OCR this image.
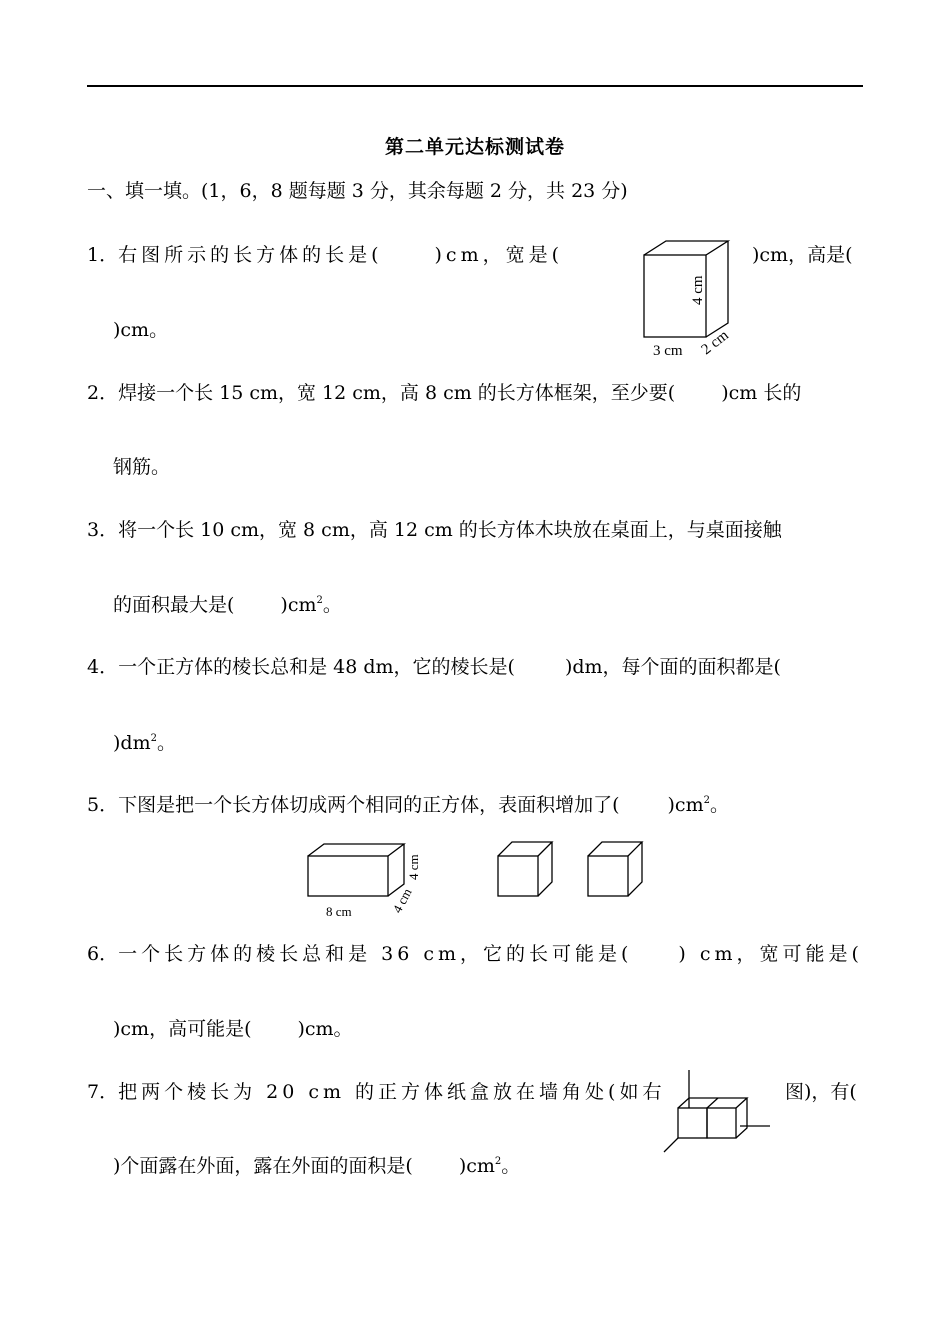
第二单元达标测试卷
一、填一填。(1，6，8 题每题 3 分，其余每题 2 分，共 23 分)
1．右图所示的长方体的长是(	)cm，宽是(	)cm，高是(
)cm。
4 cm
3 cm 2 cm
2．焊接一个长 15 cm，宽 12 cm，高 8 cm 的长方体框架，至少要( )cm 长的
钢筋。
3．将一个长 10 cm，宽 8 cm，高 12 cm 的长方体木块放在桌面上，与桌面接触
的面积最大是( )$cm^2$。
4．一个正方体的棱长总和是 48 dm，它的棱长是(	)dm，每个面的面积都是(
)$dm^2$。
5．下图是把一个长方体切成两个相同的正方体，表面积增加了(	)$cm^2$。
8 cm	4 cm
4 cm
6．一个长方体的棱长总和是 36 cm，它的长可能是( ) cm，宽可能是(
)cm，高可能是( )cm。
7．把两个棱长为 20 cm 的正方体纸盒放在墙角处(如右	图)，有(
)个面露在外面，露在外面的面积是( )$cm^2$。
